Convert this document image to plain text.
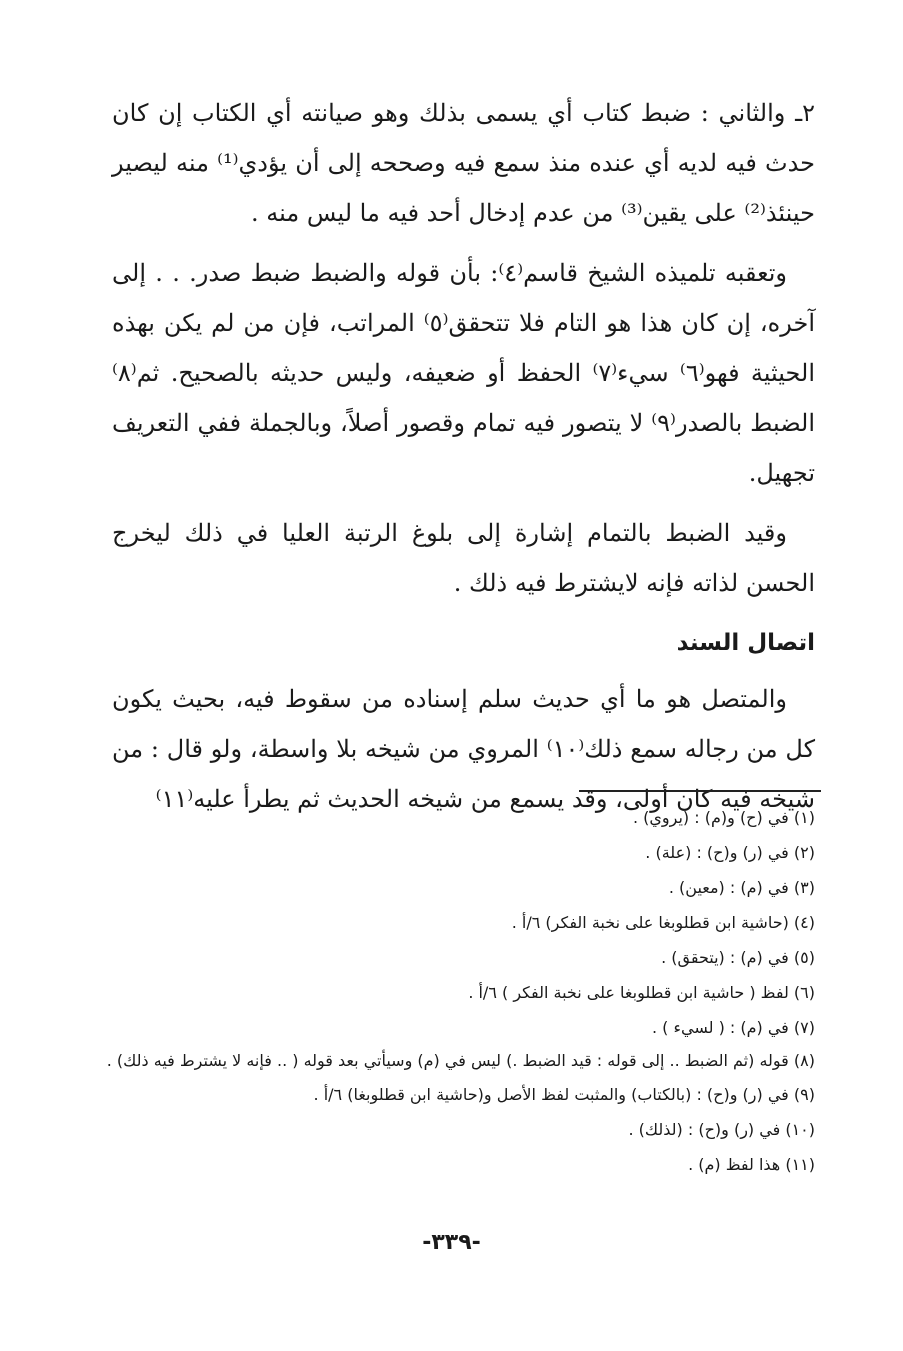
٢ـ والثاني : ضبط كتاب أي يسمى بذلك وهو صيانته أي الكتاب إن كان حدث فيه لديه أي عنده منذ سمع فيه وصححه إلى أن يؤدي⁽¹⁾ منه ليصير حينئذ⁽²⁾ على يقين⁽³⁾ من عدم إدخال أحد فيه ما ليس منه .

وتعقبه تلميذه الشيخ قاسم⁽٤⁾: بأن قوله والضبط ضبط صدر. . . إلى آخره، إن كان هذا هو التام فلا تتحقق⁽٥⁾ المراتب، فإن من لم يكن بهذه الحيثية فهو⁽٦⁾ سيء⁽٧⁾ الحفظ أو ضعيفه، وليس حديثه بالصحيح. ثم⁽٨⁾ الضبط بالصدر⁽٩⁾ لا يتصور فيه تمام وقصور أصلاً، وبالجملة ففي التعريف تجهيل.

وقيد الضبط بالتمام إشارة إلى بلوغ الرتبة العليا في ذلك ليخرج الحسن لذاته فإنه لايشترط فيه ذلك .

اتصال السند

والمتصل هو ما أي حديث سلم إسناده من سقوط فيه، بحيث يكون كل من رجاله سمع ذلك⁽١٠⁾ المروي من شيخه بلا واسطة، ولو قال : من شيخه فيه كان أولى، وقد يسمع من شيخه الحديث ثم يطرأ عليه⁽١١⁾

(١) في (ح) و(م) : (يروي) .

(٢) في (ر) و(ح) : (علة) .

(٣) في (م) : (معين) .

(٤) (حاشية ابن قطلوبغا على نخبة الفكر) ٦/أ .

(٥) في (م) : (يتحقق) .

(٦) لفظ ( حاشية ابن قطلوبغا على نخبة الفكر ) ٦/أ .

(٧) في (م) : ( لسيء ) .

(٨) قوله (ثم الضبط .. إلى قوله : قيد الضبط .) ليس في (م) وسيأتي بعد قوله ( .. فإنه لا يشترط فيه ذلك) .

(٩) في (ر) و(ح) : (بالكتاب) والمثبت لفظ الأصل و(حاشية ابن قطلوبغا) ٦/أ .

(١٠) في (ر) و(ح) : (لذلك) .

(١١) هذا لفظ (م) .

-٣٣٩-
